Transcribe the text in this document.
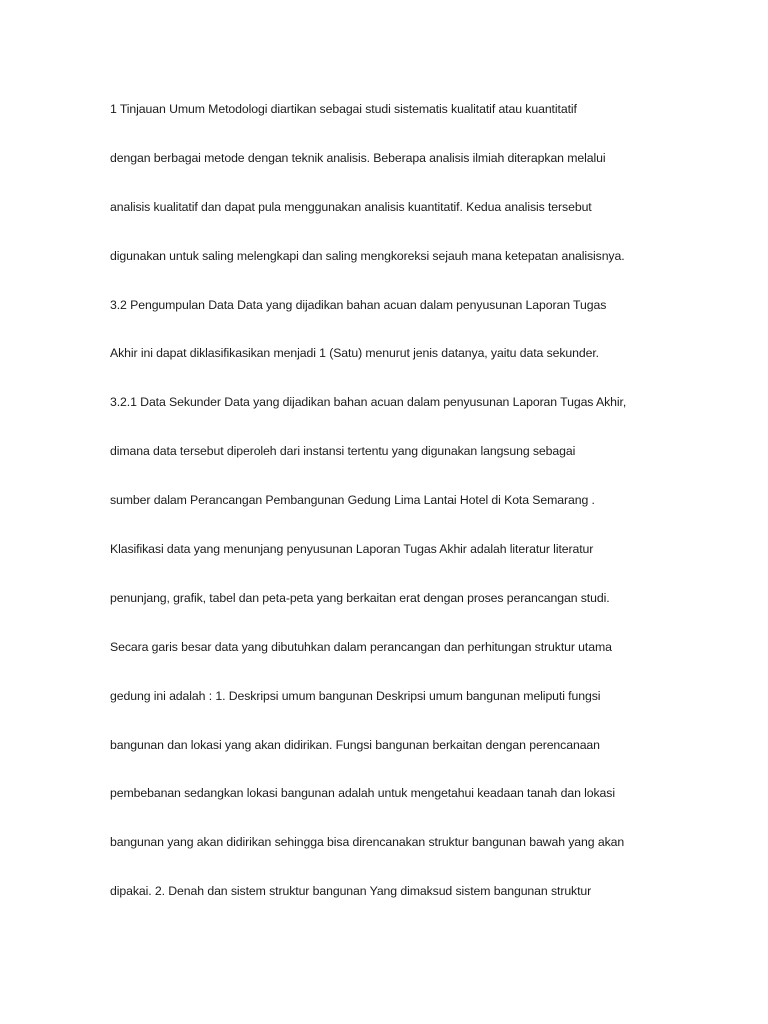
1 Tinjauan Umum Metodologi diartikan sebagai studi sistematis kualitatif atau kuantitatif
dengan berbagai metode dengan teknik analisis. Beberapa analisis ilmiah diterapkan melalui
analisis kualitatif dan dapat pula menggunakan analisis kuantitatif. Kedua analisis tersebut
digunakan untuk saling melengkapi dan saling mengkoreksi sejauh mana ketepatan analisisnya.
3.2 Pengumpulan Data Data yang dijadikan bahan acuan dalam penyusunan Laporan Tugas
Akhir ini dapat diklasifikasikan menjadi 1 (Satu) menurut jenis datanya, yaitu data sekunder.
3.2.1 Data Sekunder Data yang dijadikan bahan acuan dalam penyusunan Laporan Tugas Akhir,
dimana data tersebut diperoleh dari instansi tertentu yang digunakan langsung sebagai
sumber dalam Perancangan Pembangunan Gedung Lima Lantai Hotel di Kota Semarang .
Klasifikasi data yang menunjang penyusunan Laporan Tugas Akhir adalah literatur literatur
penunjang, grafik, tabel dan peta-peta yang berkaitan erat dengan proses perancangan studi.
Secara garis besar data yang dibutuhkan dalam perancangan dan perhitungan struktur utama
gedung ini adalah : 1. Deskripsi umum bangunan Deskripsi umum bangunan meliputi fungsi
bangunan dan lokasi yang akan didirikan. Fungsi bangunan berkaitan dengan perencanaan
pembebanan sedangkan lokasi bangunan adalah untuk mengetahui keadaan tanah dan lokasi
bangunan yang akan didirikan sehingga bisa direncanakan struktur bangunan bawah yang akan
dipakai. 2. Denah dan sistem struktur bangunan Yang dimaksud sistem bangunan struktur
